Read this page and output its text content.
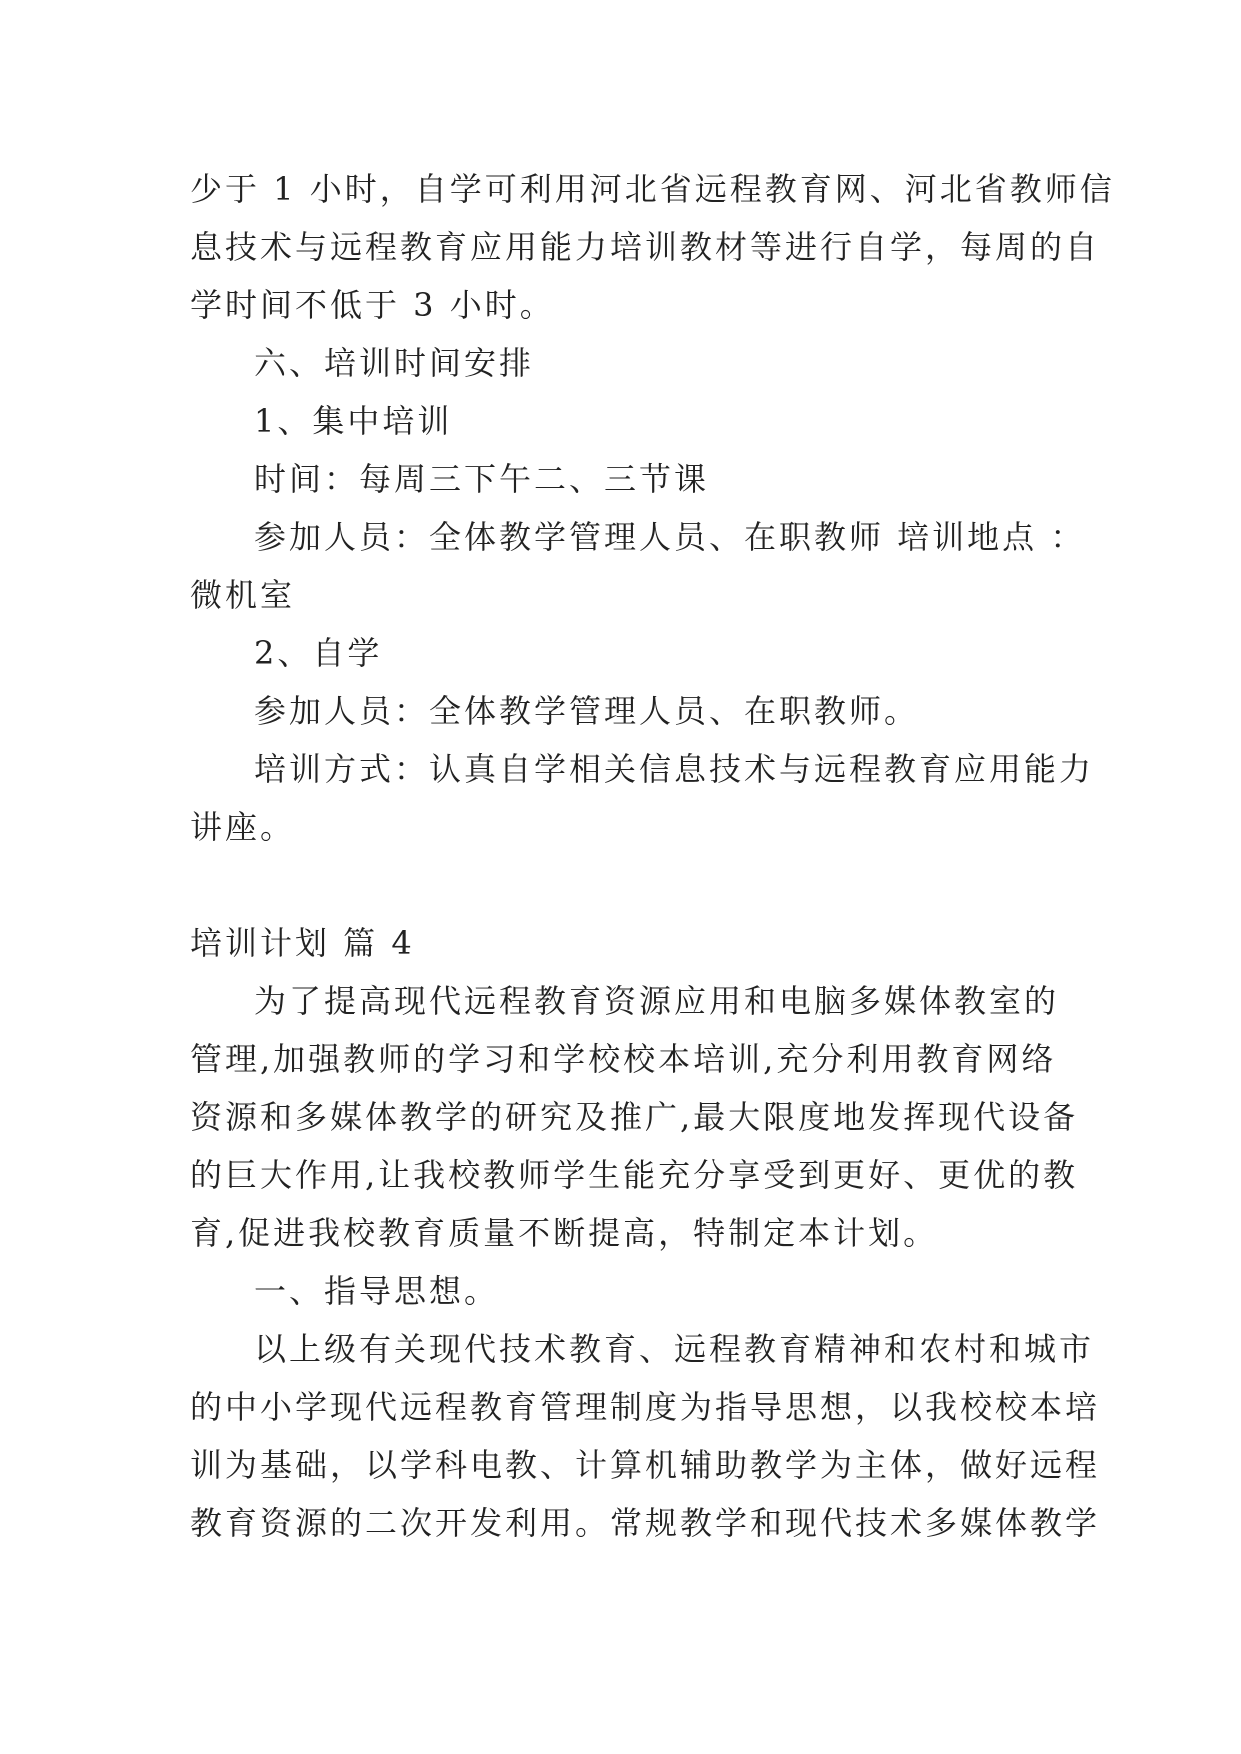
少于 1 小时，自学可利用河北省远程教育网、河北省教师信
息技术与远程教育应用能力培训教材等进行自学，每周的自
学时间不低于 3 小时。
六、培训时间安排
1、集中培训
时间：每周三下午二、三节课
参加人员：全体教学管理人员、在职教师 培训地点 ：
微机室
2、自学
参加人员：全体教学管理人员、在职教师。
培训方式：认真自学相关信息技术与远程教育应用能力
讲座。
培训计划 篇 4
为了提高现代远程教育资源应用和电脑多媒体教室的
管理,加强教师的学习和学校校本培训,充分利用教育网络
资源和多媒体教学的研究及推广,最大限度地发挥现代设备
的巨大作用,让我校教师学生能充分享受到更好、更优的教
育,促进我校教育质量不断提高，特制定本计划。
一、指导思想。
以上级有关现代技术教育、远程教育精神和农村和城市
的中小学现代远程教育管理制度为指导思想，以我校校本培
训为基础，以学科电教、计算机辅助教学为主体，做好远程
教育资源的二次开发利用。常规教学和现代技术多媒体教学
